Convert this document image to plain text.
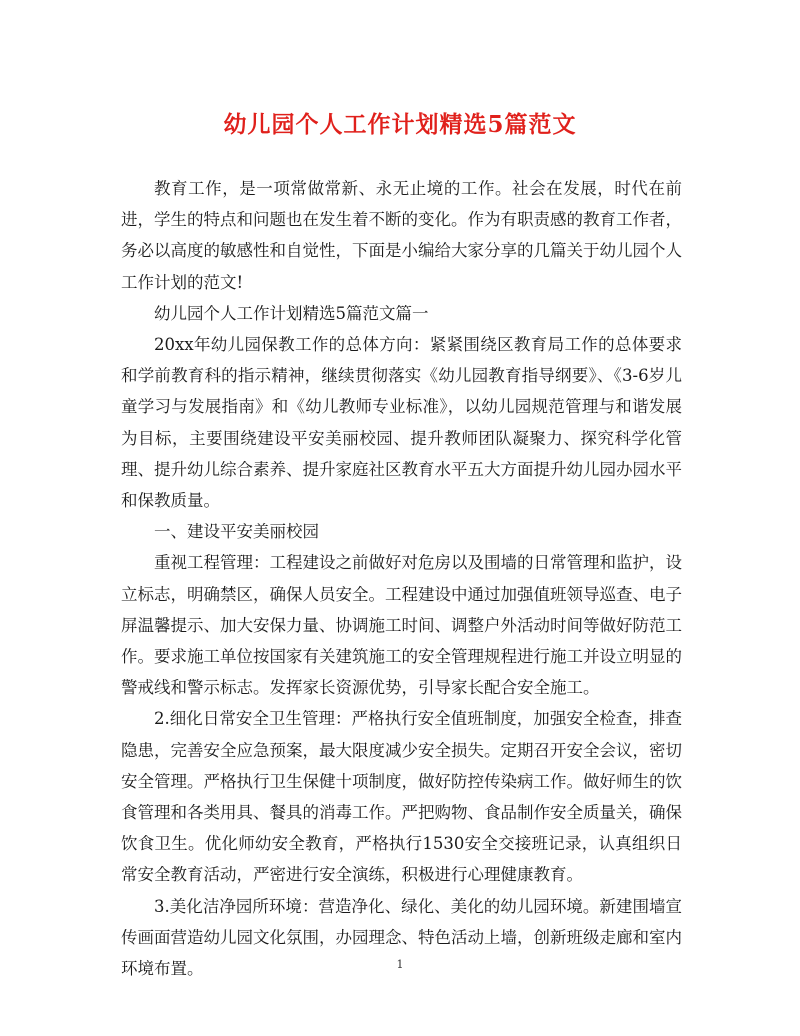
幼儿园个人工作计划精选5篇范文

教育工作，是一项常做常新、永无止境的工作。社会在发展，时代在前进，学生的特点和问题也在发生着不断的变化。作为有职责感的教育工作者，务必以高度的敏感性和自觉性，下面是小编给大家分享的几篇关于幼儿园个人工作计划的范文!

幼儿园个人工作计划精选5篇范文篇一

20xx年幼儿园保教工作的总体方向：紧紧围绕区教育局工作的总体要求和学前教育科的指示精神，继续贯彻落实《幼儿园教育指导纲要》、《3-6岁儿童学习与发展指南》和《幼儿教师专业标准》，以幼儿园规范管理与和谐发展为目标，主要围绕建设平安美丽校园、提升教师团队凝聚力、探究科学化管理、提升幼儿综合素养、提升家庭社区教育水平五大方面提升幼儿园办园水平和保教质量。

一、建设平安美丽校园

重视工程管理：工程建设之前做好对危房以及围墙的日常管理和监护，设立标志，明确禁区，确保人员安全。工程建设中通过加强值班领导巡查、电子屏温馨提示、加大安保力量、协调施工时间、调整户外活动时间等做好防范工作。要求施工单位按国家有关建筑施工的安全管理规程进行施工并设立明显的警戒线和警示标志。发挥家长资源优势，引导家长配合安全施工。

2.细化日常安全卫生管理：严格执行安全值班制度，加强安全检查，排查隐患，完善安全应急预案，最大限度减少安全损失。定期召开安全会议，密切安全管理。严格执行卫生保健十项制度，做好防控传染病工作。做好师生的饮食管理和各类用具、餐具的消毒工作。严把购物、食品制作安全质量关，确保饮食卫生。优化师幼安全教育，严格执行1530安全交接班记录，认真组织日常安全教育活动，严密进行安全演练，积极进行心理健康教育。

3.美化洁净园所环境：营造净化、绿化、美化的幼儿园环境。新建围墙宣传画面营造幼儿园文化氛围，办园理念、特色活动上墙，创新班级走廊和室内环境布置。	1
